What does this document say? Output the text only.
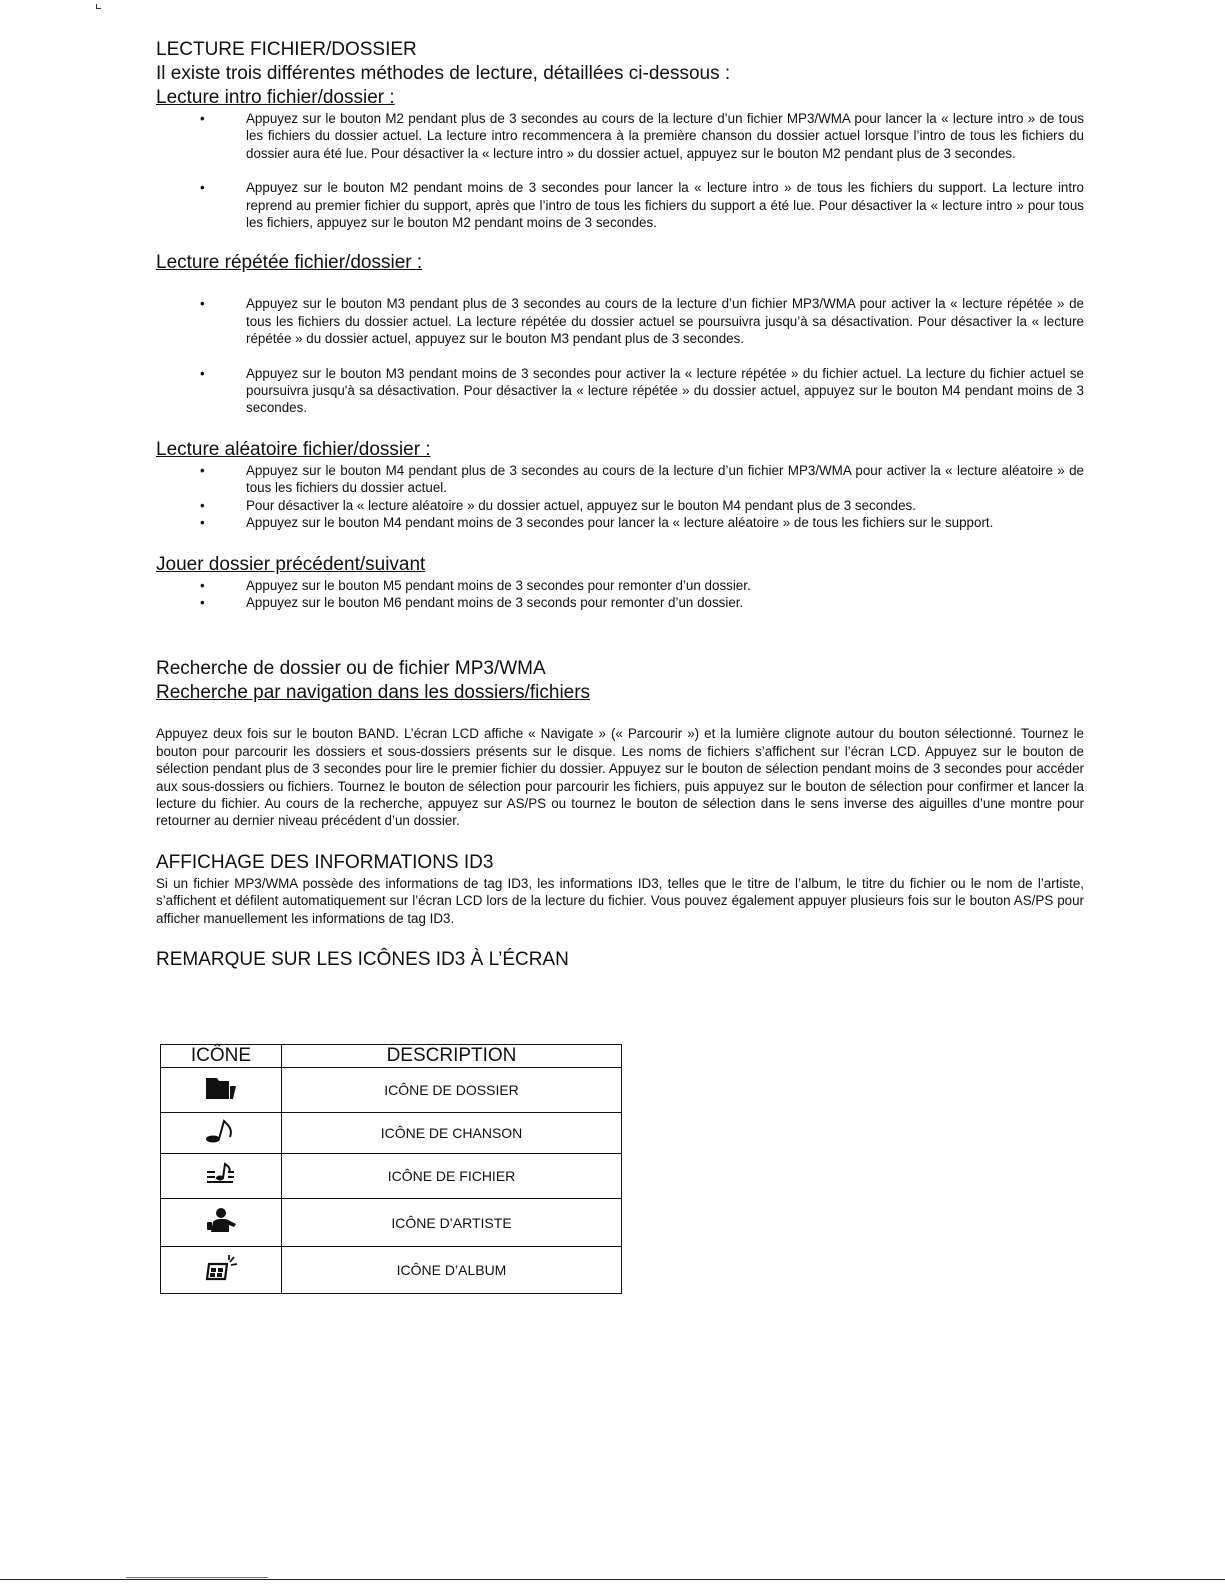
LECTURE FICHIER/DOSSIER

Il existe trois différentes méthodes de lecture, détaillées ci-dessous :

Lecture intro fichier/dossier :
•	Appuyez sur le bouton M2 pendant plus de 3 secondes au cours de la lecture d’un fichier MP3/WMA pour lancer la « lecture intro » de tous les fichiers du dossier actuel. La lecture intro recommencera à la première chanson du dossier actuel lorsque l’intro de tous les fichiers du dossier aura été lue. Pour désactiver la « lecture intro » du dossier actuel, appuyez sur le bouton M2 pendant plus de 3 secondes.
•	Appuyez sur le bouton M2 pendant moins de 3 secondes pour lancer la « lecture intro » de tous les fichiers du support. La lecture intro reprend au premier fichier du support, après que l’intro de tous les fichiers du support a été lue. Pour désactiver la « lecture intro » pour tous les fichiers, appuyez sur le bouton M2 pendant moins de 3 secondes.
Lecture répétée fichier/dossier :
•	Appuyez sur le bouton M3 pendant plus de 3 secondes au cours de la lecture d’un fichier MP3/WMA pour activer la « lecture répétée » de tous les fichiers du dossier actuel. La lecture répétée du dossier actuel se poursuivra jusqu’à sa désactivation. Pour désactiver la « lecture répétée » du dossier actuel, appuyez sur le bouton M3 pendant plus de 3 secondes.
•	Appuyez sur le bouton M3 pendant moins de 3 secondes pour activer la « lecture répétée » du fichier actuel. La lecture du fichier actuel se poursuivra jusqu'à sa désactivation. Pour désactiver la « lecture répétée » du dossier actuel, appuyez sur le bouton M4 pendant moins de 3 secondes.
Lecture aléatoire fichier/dossier :
•	Appuyez sur le bouton M4 pendant plus de 3 secondes au cours de la lecture d’un fichier MP3/WMA pour activer la « lecture aléatoire » de tous les fichiers du dossier actuel.
•	Pour désactiver la « lecture aléatoire » du dossier actuel, appuyez sur le bouton M4 pendant plus de 3 secondes.
•	Appuyez sur le bouton M4 pendant moins de 3 secondes pour lancer la « lecture aléatoire » de tous les fichiers sur le support.
Jouer dossier précédent/suivant
•	Appuyez sur le bouton M5 pendant moins de 3 secondes pour remonter d’un dossier.
•	Appuyez sur le bouton M6 pendant moins de 3 seconds pour remonter d’un dossier.
Recherche de dossier ou de fichier MP3/WMA
Recherche par navigation dans les dossiers/fichiers

Appuyez deux fois sur le bouton BAND. L’écran LCD affiche « Navigate » (« Parcourir ») et la lumière clignote autour du bouton sélectionné. Tournez le bouton pour parcourir les dossiers et sous-dossiers présents sur le disque. Les noms de fichiers s’affichent sur l’écran LCD. Appuyez sur le bouton de sélection pendant plus de 3 secondes pour lire le premier fichier du dossier. Appuyez sur le bouton de sélection pendant moins de 3 secondes pour accéder aux sous-dossiers ou fichiers. Tournez le bouton de sélection pour parcourir les fichiers, puis appuyez sur le bouton de sélection pour confirmer et lancer la lecture du fichier. Au cours de la recherche, appuyez sur AS/PS ou tournez le bouton de sélection dans le sens inverse des aiguilles d’une montre pour retourner au dernier niveau précédent d’un dossier.

AFFICHAGE DES INFORMATIONS ID3

Si un fichier MP3/WMA possède des informations de tag ID3, les informations ID3, telles que le titre de l’album, le titre du fichier ou le nom de l’artiste, s’affichent et défilent automatiquement sur l’écran LCD lors de la lecture du fichier. Vous pouvez également appuyer plusieurs fois sur le bouton AS/PS pour afficher manuellement les informations de tag ID3.

REMARQUE SUR LES ICÔNES ID3 À L’ÉCRAN
ICÔNE	DESCRIPTION
	ICÔNE DE DOSSIER
	ICÔNE DE CHANSON
	ICÔNE DE FICHIER
	ICÔNE D’ARTISTE
	ICÔNE D’ALBUM
